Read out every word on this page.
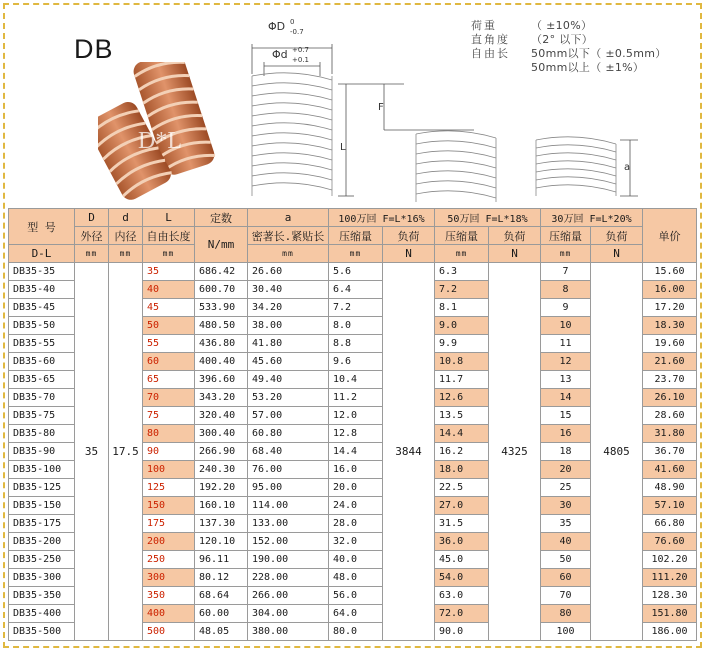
DB
D*L
ΦD 0
-0.7
Φd +0.7
+0.1
F
L
a
荷重	（ ±10%）
直角度	（2° 以下）
自由长	50mm以下（ ±0.5mm）
50mm以上（ ±1%）
型 号	D	d	L	定数	a	100万回 F=L*16%		50万回 F=L*18%		30万回 F=L*20%		单价
	外径	内径	自由长度	N/mm	密著长.紧贴长	压缩量	负荷	压缩量	负荷	压缩量	负荷	
D-L	mm	mm	mm		mm	mm	N	mm	N	mm	N	
DB35-35	35	17.5	35	686.42	26.60	5.6	3844	6.3	4325	7	4805	15.60
DB35-40			40	600.70	30.40	6.4		7.2		8		16.00
DB35-45			45	533.90	34.20	7.2		8.1		9		17.20
DB35-50			50	480.50	38.00	8.0		9.0		10		18.30
DB35-55			55	436.80	41.80	8.8		9.9		11		19.60
DB35-60			60	400.40	45.60	9.6		10.8		12		21.60
DB35-65			65	396.60	49.40	10.4		11.7		13		23.70
DB35-70			70	343.20	53.20	11.2		12.6		14		26.10
DB35-75			75	320.40	57.00	12.0		13.5		15		28.60
DB35-80			80	300.40	60.80	12.8		14.4		16		31.80
DB35-90			90	266.90	68.40	14.4		16.2		18		36.70
DB35-100			100	240.30	76.00	16.0		18.0		20		41.60
DB35-125			125	192.20	95.00	20.0		22.5		25		48.90
DB35-150			150	160.10	114.00	24.0		27.0		30		57.10
DB35-175			175	137.30	133.00	28.0		31.5		35		66.80
DB35-200			200	120.10	152.00	32.0		36.0		40		76.60
DB35-250			250	96.11	190.00	40.0		45.0		50		102.20
DB35-300			300	80.12	228.00	48.0		54.0		60		111.20
DB35-350			350	68.64	266.00	56.0		63.0		70		128.30
DB35-400			400	60.00	304.00	64.0		72.0		80		151.80
DB35-500			500	48.05	380.00	80.0		90.0		100		186.00
